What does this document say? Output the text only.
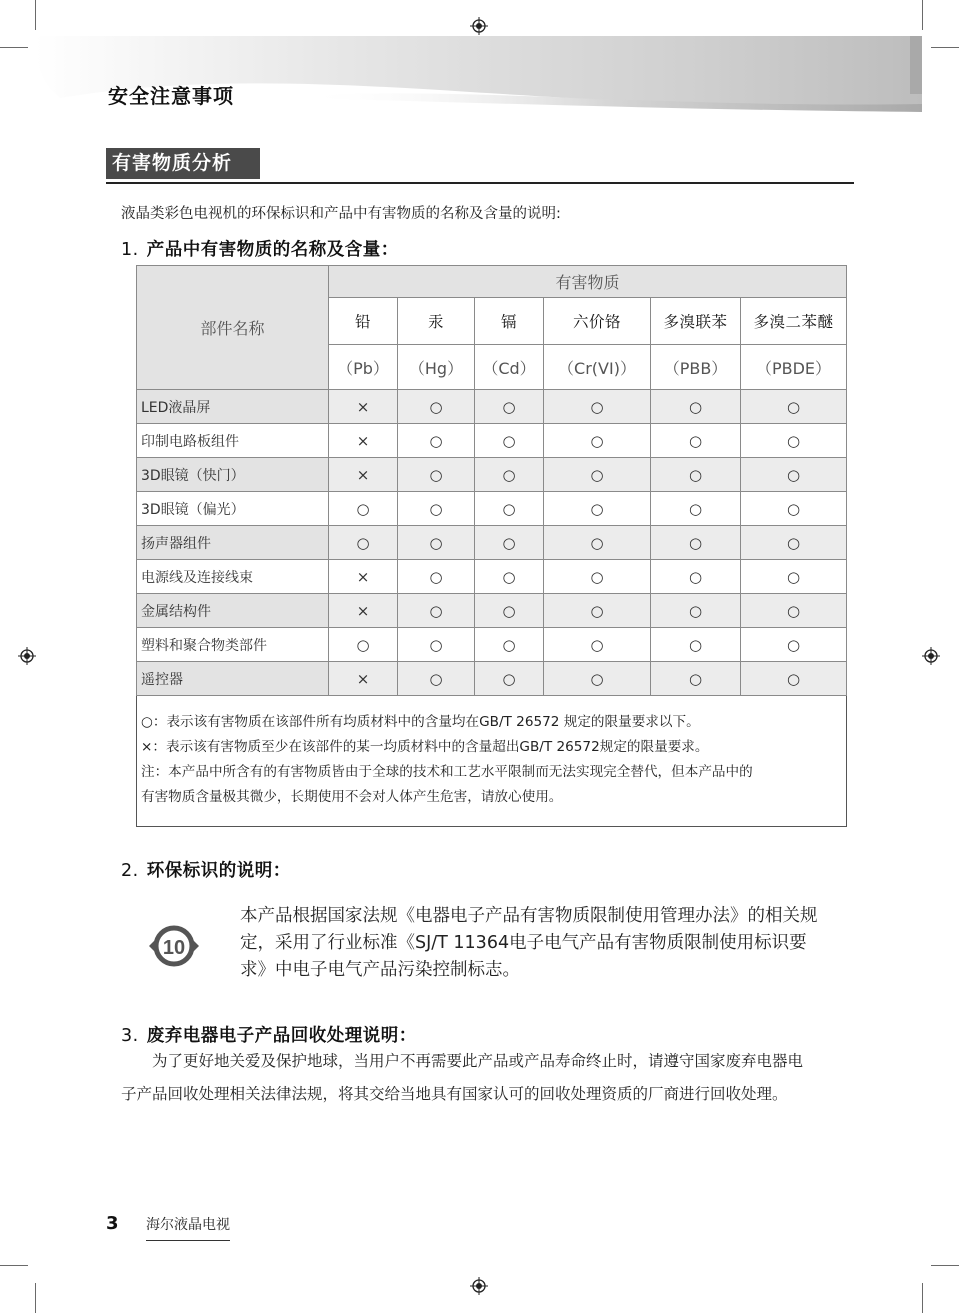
安全注意事项
有害物质分析
液晶类彩色电视机的环保标识和产品中有害物质的名称及含量的说明:
1. 产品中有害物质的名称及含量：
部件名称	有害物质					
	铅	汞	镉	六价铬	多溴联苯	多溴二苯醚
	（Pb）	（Hg）	（Cd）	（Cr(VI)）	（PBB）	（PBDE）
LED液晶屏	×	○	○	○	○	○
印制电路板组件	×	○	○	○	○	○
3D眼镜（快门）	×	○	○	○	○	○
3D眼镜（偏光）	○	○	○	○	○	○
扬声器组件	○	○	○	○	○	○
电源线及连接线束	×	○	○	○	○	○
金属结构件	×	○	○	○	○	○
塑料和聚合物类部件	○	○	○	○	○	○
遥控器	×	○	○	○	○	○

○：表示该有害物质在该部件所有均质材料中的含量均在GB/T 26572 规定的限量要求以下。
×：表示该有害物质至少在该部件的某一均质材料中的含量超出GB/T 26572规定的限量要求。
注：本产品中所含有的有害物质皆由于全球的技术和工艺水平限制而无法实现完全替代，但本产品中的
有害物质含量极其微少，长期使用不会对人体产生危害，请放心使用。						
10
2. 环保标识的说明：
本产品根据国家法规《电器电子产品有害物质限制使用管理办法》的相关规
定，采用了行业标准《SJ/T 11364电子电气产品有害物质限制使用标识要
求》中电子电气产品污染控制标志。
3. 废弃电器电子产品回收处理说明：
为了更好地关爱及保护地球，当用户不再需要此产品或产品寿命终止时，请遵守国家废弃电器电
子产品回收处理相关法律法规，将其交给当地具有国家认可的回收处理资质的厂商进行回收处理。
3 海尔液晶电视
